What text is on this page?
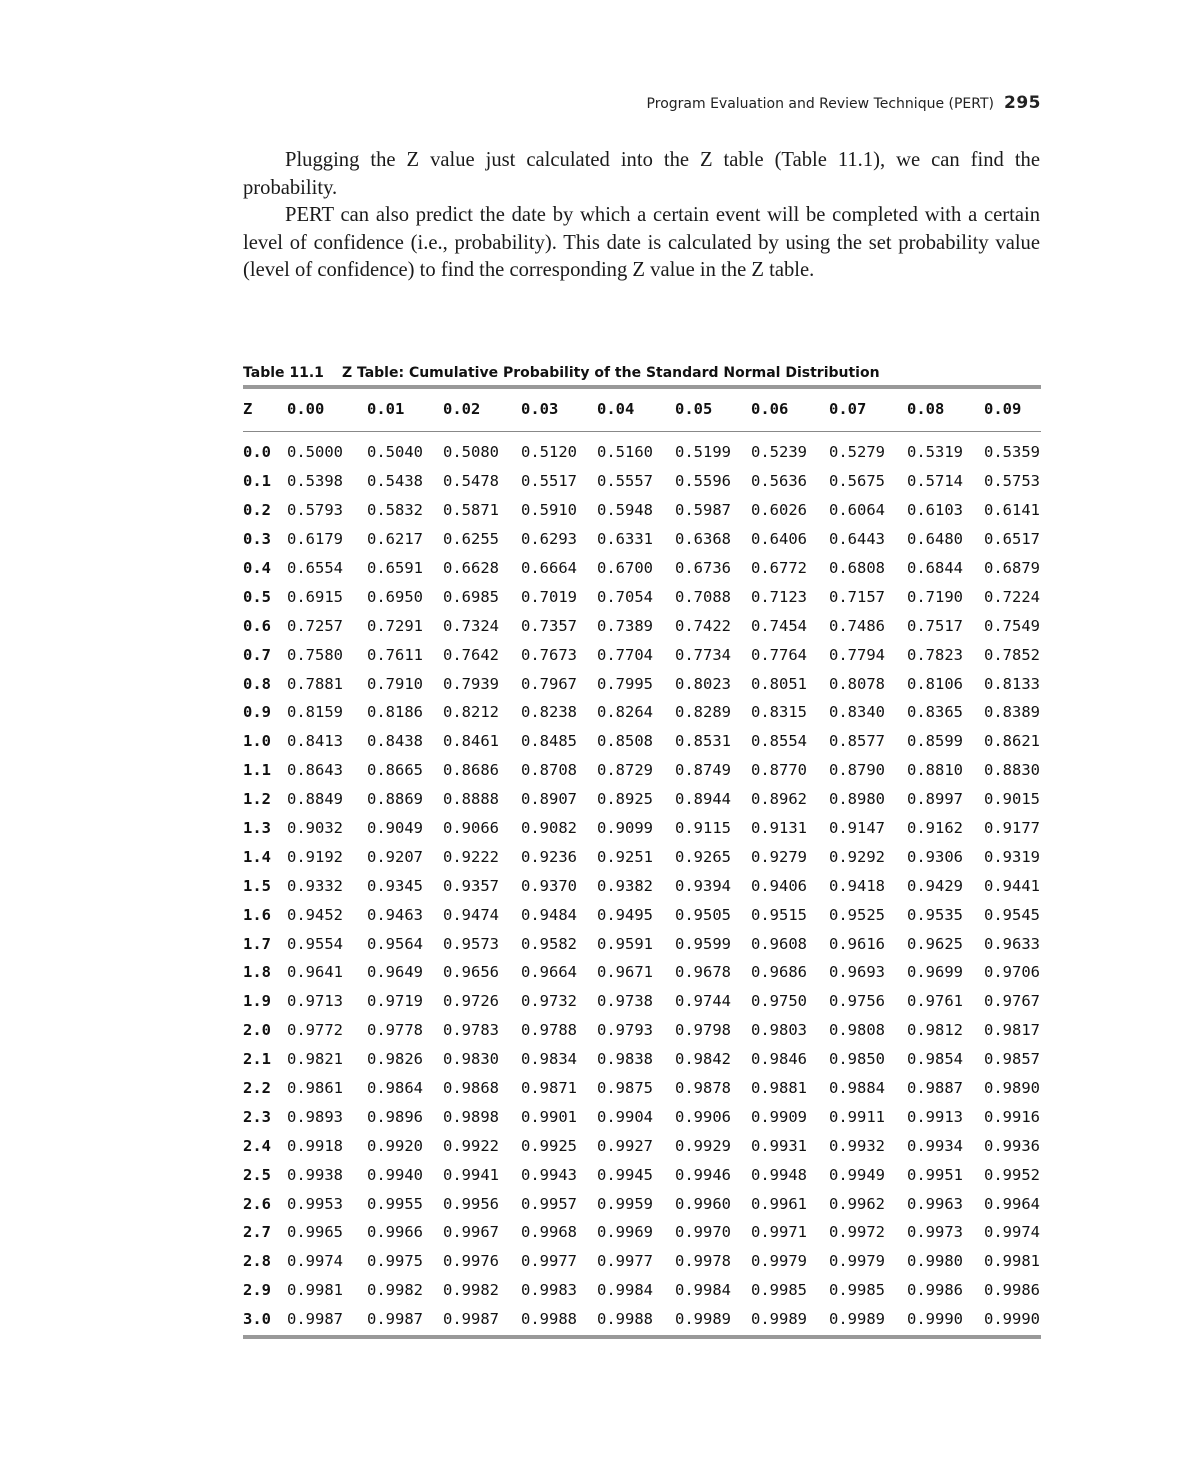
Program Evaluation and Review Technique (PERT) 295

Plugging the Z value just calculated into the Z table (Table 11.1), we can find the probability.

PERT can also predict the date by which a certain event will be completed with a certain level of confidence (i.e., probability). This date is calculated by using the set probability value (level of confidence) to find the corresponding Z value in the Z table.

Table 11.1 Z Table: Cumulative Probability of the Standard Normal Distribution
Z	0.00	0.01	0.02	0.03	0.04	0.05	0.06	0.07	0.08	0.09
0.0	0.5000	0.5040	0.5080	0.5120	0.5160	0.5199	0.5239	0.5279	0.5319	0.5359
0.1	0.5398	0.5438	0.5478	0.5517	0.5557	0.5596	0.5636	0.5675	0.5714	0.5753
0.2	0.5793	0.5832	0.5871	0.5910	0.5948	0.5987	0.6026	0.6064	0.6103	0.6141
0.3	0.6179	0.6217	0.6255	0.6293	0.6331	0.6368	0.6406	0.6443	0.6480	0.6517
0.4	0.6554	0.6591	0.6628	0.6664	0.6700	0.6736	0.6772	0.6808	0.6844	0.6879
0.5	0.6915	0.6950	0.6985	0.7019	0.7054	0.7088	0.7123	0.7157	0.7190	0.7224
0.6	0.7257	0.7291	0.7324	0.7357	0.7389	0.7422	0.7454	0.7486	0.7517	0.7549
0.7	0.7580	0.7611	0.7642	0.7673	0.7704	0.7734	0.7764	0.7794	0.7823	0.7852
0.8	0.7881	0.7910	0.7939	0.7967	0.7995	0.8023	0.8051	0.8078	0.8106	0.8133
0.9	0.8159	0.8186	0.8212	0.8238	0.8264	0.8289	0.8315	0.8340	0.8365	0.8389
1.0	0.8413	0.8438	0.8461	0.8485	0.8508	0.8531	0.8554	0.8577	0.8599	0.8621
1.1	0.8643	0.8665	0.8686	0.8708	0.8729	0.8749	0.8770	0.8790	0.8810	0.8830
1.2	0.8849	0.8869	0.8888	0.8907	0.8925	0.8944	0.8962	0.8980	0.8997	0.9015
1.3	0.9032	0.9049	0.9066	0.9082	0.9099	0.9115	0.9131	0.9147	0.9162	0.9177
1.4	0.9192	0.9207	0.9222	0.9236	0.9251	0.9265	0.9279	0.9292	0.9306	0.9319
1.5	0.9332	0.9345	0.9357	0.9370	0.9382	0.9394	0.9406	0.9418	0.9429	0.9441
1.6	0.9452	0.9463	0.9474	0.9484	0.9495	0.9505	0.9515	0.9525	0.9535	0.9545
1.7	0.9554	0.9564	0.9573	0.9582	0.9591	0.9599	0.9608	0.9616	0.9625	0.9633
1.8	0.9641	0.9649	0.9656	0.9664	0.9671	0.9678	0.9686	0.9693	0.9699	0.9706
1.9	0.9713	0.9719	0.9726	0.9732	0.9738	0.9744	0.9750	0.9756	0.9761	0.9767
2.0	0.9772	0.9778	0.9783	0.9788	0.9793	0.9798	0.9803	0.9808	0.9812	0.9817
2.1	0.9821	0.9826	0.9830	0.9834	0.9838	0.9842	0.9846	0.9850	0.9854	0.9857
2.2	0.9861	0.9864	0.9868	0.9871	0.9875	0.9878	0.9881	0.9884	0.9887	0.9890
2.3	0.9893	0.9896	0.9898	0.9901	0.9904	0.9906	0.9909	0.9911	0.9913	0.9916
2.4	0.9918	0.9920	0.9922	0.9925	0.9927	0.9929	0.9931	0.9932	0.9934	0.9936
2.5	0.9938	0.9940	0.9941	0.9943	0.9945	0.9946	0.9948	0.9949	0.9951	0.9952
2.6	0.9953	0.9955	0.9956	0.9957	0.9959	0.9960	0.9961	0.9962	0.9963	0.9964
2.7	0.9965	0.9966	0.9967	0.9968	0.9969	0.9970	0.9971	0.9972	0.9973	0.9974
2.8	0.9974	0.9975	0.9976	0.9977	0.9977	0.9978	0.9979	0.9979	0.9980	0.9981
2.9	0.9981	0.9982	0.9982	0.9983	0.9984	0.9984	0.9985	0.9985	0.9986	0.9986
3.0	0.9987	0.9987	0.9987	0.9988	0.9988	0.9989	0.9989	0.9989	0.9990	0.9990
